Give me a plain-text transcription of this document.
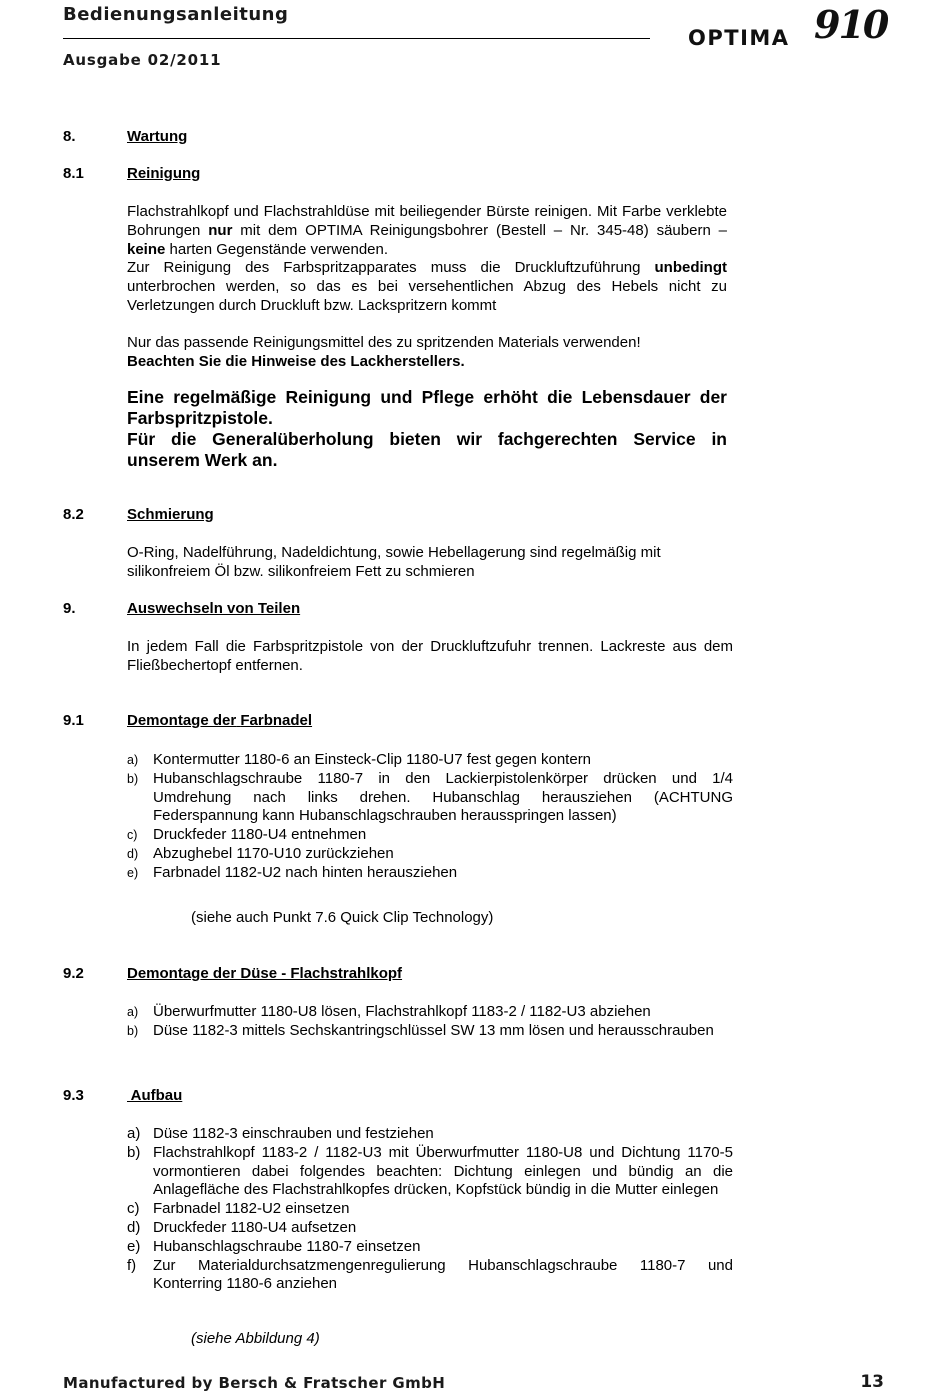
Bedienungsanleitung
Ausgabe 02/2011
OPTIMA 910
8.	Wartung
8.1	Reinigung
Flachstrahlkopf und Flachstrahldüse mit beiliegender Bürste reinigen. Mit Farbe verklebte Bohrungen nur mit dem OPTIMA Reinigungsbohrer (Bestell – Nr. 345-48) säubern – keine harten Gegenstände verwenden.
Zur Reinigung des Farbspritzapparates muss die Druckluftzuführung unbedingt unterbrochen werden, so das es bei versehentlichen Abzug des Hebels nicht zu Verletzungen durch Druckluft bzw. Lackspritzern kommt
Nur das passende Reinigungsmittel des zu spritzenden Materials verwenden!
Beachten Sie die Hinweise des Lackherstellers.
Eine regelmäßige Reinigung und Pflege erhöht die Lebensdauer der Farbspritzpistole.
Für die Generalüberholung bieten wir fachgerechten Service in unserem Werk an.
8.2	Schmierung
O-Ring, Nadelführung, Nadeldichtung, sowie Hebellagerung sind regelmäßig mit silikonfreiem Öl bzw. silikonfreiem Fett zu schmieren
9.	Auswechseln von Teilen
In jedem Fall die Farbspritzpistole von der Druckluftzufuhr trennen. Lackreste aus dem Fließbechertopf entfernen.
9.1	Demontage der Farbnadel
a) Kontermutter 1180-6 an Einsteck-Clip 1180-U7 fest gegen kontern
b) Hubanschlagschraube 1180-7 in den Lackierpistolenkörper drücken und 1/4 Umdrehung nach links drehen. Hubanschlag herausziehen (ACHTUNG Federspannung kann Hubanschlagschrauben herausspringen lassen)
c) Druckfeder 1180-U4 entnehmen
d) Abzughebel 1170-U10 zurückziehen
e) Farbnadel 1182-U2 nach hinten herausziehen
(siehe auch Punkt 7.6 Quick Clip Technology)
9.2	Demontage der Düse - Flachstrahlkopf
a) Überwurfmutter 1180-U8 lösen, Flachstrahlkopf 1183-2 / 1182-U3 abziehen
b) Düse 1182-3 mittels Sechskantringschlüssel SW 13 mm lösen und herausschrauben
9.3	Aufbau
a) Düse 1182-3 einschrauben und festziehen
b) Flachstrahlkopf 1183-2 / 1182-U3 mit Überwurfmutter 1180-U8 und Dichtung 1170-5 vormontieren dabei folgendes beachten: Dichtung einlegen und bündig an die Anlagefläche des Flachstrahlkopfes drücken, Kopfstück bündig in die Mutter einlegen
c) Farbnadel 1182-U2 einsetzen
d) Druckfeder 1180-U4 aufsetzen
e) Hubanschlagschraube 1180-7 einsetzen
f) Zur Materialdurchsatzmengenregulierung Hubanschlagschraube 1180-7 und Konterring 1180-6 anziehen
(siehe Abbildung 4)
Manufactured by Bersch & Fratscher GmbH	13
